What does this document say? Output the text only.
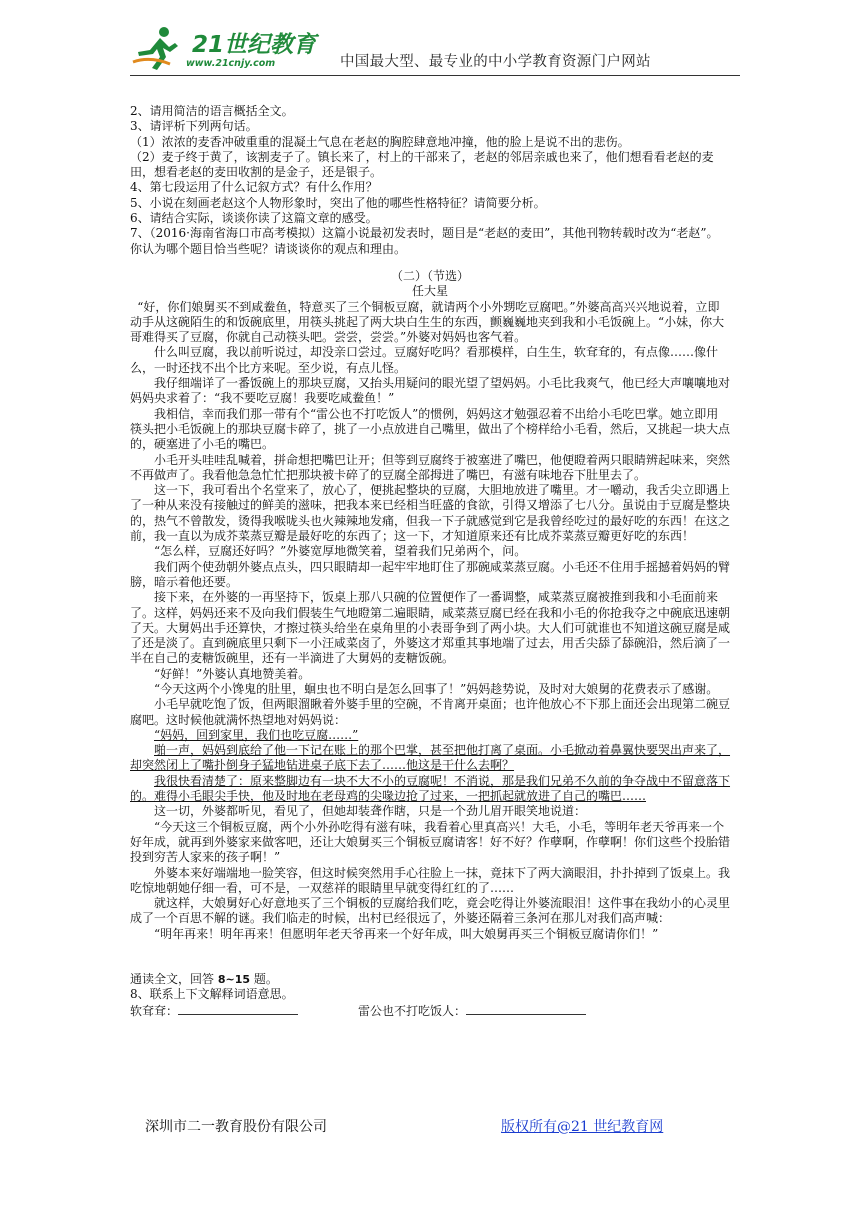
21世纪教育
www.21cnjy.com	中国最大型、最专业的中小学教育资源门户网站

2、请用简洁的语言概括全文。

3、请评析下列两句话。

（1）浓浓的麦香冲破重重的混凝土气息在老赵的胸腔肆意地冲撞，他的脸上是说不出的悲伤。

（2）麦子终于黄了，该割麦子了。镇长来了，村上的干部来了，老赵的邻居亲戚也来了，他们想看看老赵的麦田，想看老赵的麦田收割的是金子，还是银子。

4、第七段运用了什么记叙方式？有什么作用？

5、小说在刻画老赵这个人物形象时，突出了他的哪些性格特征？请简要分析。

6、请结合实际，谈谈你读了这篇文章的感受。

7、（2016·海南省海口市高考模拟）这篇小说最初发表时，题目是“老赵的麦田”，其他刊物转载时改为“老赵”。你认为哪个题目恰当些呢？请谈谈你的观点和理由。

（二）（节选）

任大星

“好，你们娘舅买不到咸鲞鱼，特意买了三个铜板豆腐，就请两个小外甥吃豆腐吧。”外婆高高兴兴地说着，立即动手从这碗陌生的和饭碗底里，用筷头挑起了两大块白生生的东西，颤巍巍地夹到我和小毛饭碗上。“小妹，你大哥难得买了豆腐，你就自己动筷头吧。尝尝，尝尝。”外婆对妈妈也客气着。

什么叫豆腐，我以前听说过，却没亲口尝过。豆腐好吃吗？看那模样，白生生，软耷耷的，有点像……像什么，一时还找不出个比方来呢。至少说，有点儿怪。

我仔细端详了一番饭碗上的那块豆腐，又抬头用疑问的眼光望了望妈妈。小毛比我爽气，他已经大声嚷嚷地对妈妈央求着了：“我不要吃豆腐！我要吃咸鲞鱼！”

我相信，幸而我们那一带有个“雷公也不打吃饭人”的惯例，妈妈这才勉强忍着不出给小毛吃巴掌。她立即用筷头把小毛饭碗上的那块豆腐卡碎了，挑了一小点放进自己嘴里，做出了个榜样给小毛看，然后，又挑起一块大点的，硬塞进了小毛的嘴巴。

小毛开头哇哇乱喊着，拼命想把嘴巴让开；但等到豆腐终于被塞进了嘴巴，他便瞪着两只眼睛辨起味来，突然不再做声了。我看他急急忙忙把那块被卡碎了的豆腐全部拇进了嘴巴，有滋有味地吞下肚里去了。

这一下，我可看出个名堂来了，放心了，便挑起整块的豆腐，大胆地放进了嘴里。才一嚼动，我舌尖立即遇上了一种从来没有接触过的鲜美的滋味，把我本来已经相当旺盛的食欲，引得又增添了七八分。虽说由于豆腐是整块的，热气不曾散发，烫得我喉咙头也火辣辣地发痛，但我一下子就感觉到它是我曾经吃过的最好吃的东西！在这之前，我一直以为成芥菜蒸豆瓣是最好吃的东西了；这一下，才知道原来还有比成芥菜蒸豆瓣更好吃的东西！

“怎么样，豆腐还好吗？”外婆宽厚地微笑着，望着我们兄弟两个，问。

我们两个使劲朝外婆点点头，四只眼睛却一起牢牢地盯住了那碗咸菜蒸豆腐。小毛还不住用手摇撼着妈妈的臂膀，暗示着他还要。

接下来，在外婆的一再坚持下，饭桌上那八只碗的位置便作了一番调整，咸菜蒸豆腐被推到我和小毛面前来了。这样，妈妈还来不及向我们假装生气地瞪第二遍眼睛，咸菜蒸豆腐已经在我和小毛的你抢我夺之中碗底迅速朝了天。大舅妈出手还算快，才擦过筷头给坐在桌角里的小表哥争到了两小块。大人们可就谁也不知道这碗豆腐是咸了还是淡了。直到碗底里只剩下一小汪咸菜卤了，外婆这才郑重其事地端了过去，用舌尖舔了舔碗沿，然后滴了一半在自己的麦糖饭碗里，还有一半滴进了大舅妈的麦糖饭碗。

“好鲜！”外婆认真地赞美着。

“今天这两个小馋鬼的肚里，蛔虫也不明白是怎么回事了！”妈妈趁势说，及时对大娘舅的花费表示了感谢。

小毛早就吃饱了饭，但两眼溜瞅着外婆手里的空碗，不肯离开桌面；也许他放心不下那上面还会出现第二碗豆腐吧。这时候他就满怀热望地对妈妈说：

“妈妈，回到家里，我们也吃豆腐……”

啪一声，妈妈到底给了他一下记在账上的那个巴掌，甚至把他打离了桌面。小毛掀动着鼻翼快要哭出声来了，却突然闭上了嘴扑倒身子猛地钻进桌子底下去了……他这是干什么去啊？

我很快看清楚了：原来整脚边有一块不大不小的豆腐呢！不消说，那是我们兄弟不久前的争夺战中不留意落下的。难得小毛眼尖手快，他及时地在老母鸡的尖喙边抢了过来，一把抓起就放进了自己的嘴巴……

这一切，外婆都听见，看见了，但她却装聋作瞎，只是一个劲儿眉开眼笑地说道：

“今天这三个铜板豆腐，两个小外孙吃得有滋有味，我看着心里真高兴！大毛，小毛，等明年老天爷再来一个好年成，就再到外婆家来做客吧，还让大娘舅买三个铜板豆腐请客！好不好？作孽啊，作孽啊！你们这些个投胎错投到穷苦人家来的孩子啊！”

外婆本来好端端地一脸笑容，但这时候突然用手心往脸上一抹，竟抹下了两大滴眼泪，扑扑掉到了饭桌上。我吃惊地朝她仔细一看，可不是，一双慈祥的眼睛里早就变得红红的了……

就这样，大娘舅好心好意地买了三个铜板的豆腐给我们吃，竟会吃得让外婆流眼泪！这件事在我幼小的心灵里成了一个百思不解的谜。我们临走的时候，出村已经很远了，外婆还隔着三条河在那儿对我们高声喊：

“明年再来！明年再来！但愿明年老天爷再来一个好年成，叫大娘舅再买三个铜板豆腐请你们！”

通读全文，回答 8~15 题。

8、联系上下文解释词语意思。

软耷耷：	雷公也不打吃饭人：

深圳市二一教育股份有限公司	版权所有@21 世纪教育网
